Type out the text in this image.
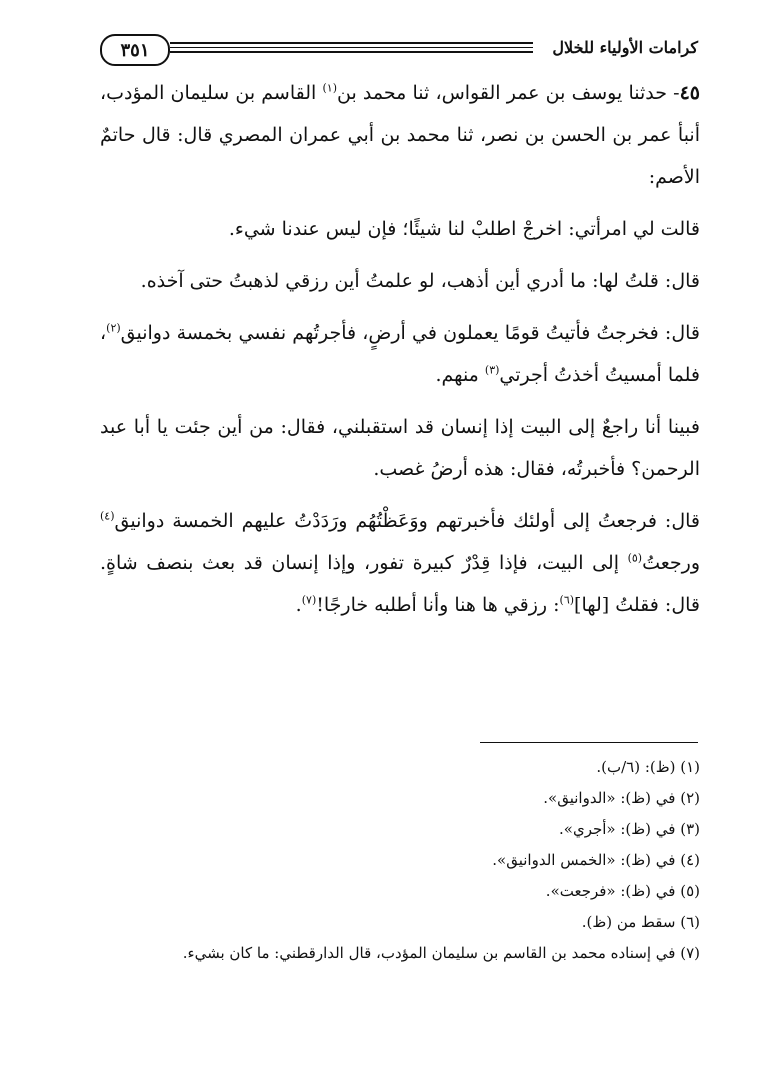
٣٥١	كرامات الأولياء للخلال

٤٥- حدثنا يوسف بن عمر القواس، ثنا محمد بن$^{(١)}$ القاسم بن سليمان المؤدب، أنبأ عمر بن الحسن بن نصر، ثنا محمد بن أبي عمران المصري قال: قال حاتمٌ الأصم:

قالت لي امرأتي: اخرجْ اطلبْ لنا شيئًا؛ فإن ليس عندنا شيء.

قال: قلتُ لها: ما أدري أين أذهب، لو علمتُ أين رزقي لذهبتُ حتى آخذه.

قال: فخرجتُ فأتيتُ قومًا يعملون في أرضٍ، فأجرتُهم نفسي بخمسة دوانيق$^{(٢)}$، فلما أمسيتُ أخذتُ أجرتي$^{(٣)}$ منهم.

فبينا أنا راجعٌ إلى البيت إذا إنسان قد استقبلني، فقال: من أين جئت يا أبا عبد الرحمن؟ فأخبرتُه، فقال: هذه أرضُ غصب.

قال: فرجعتُ إلى أولئك فأخبرتهم ووَعَظْتُهُم ورَدَدْتُ عليهم الخمسة دوانيق$^{(٤)}$ ورجعتُ$^{(٥)}$ إلى البيت، فإذا قِدْرٌ كبيرة تفور، وإذا إنسان قد بعث بنصف شاةٍ. قال: فقلتُ [لها]$^{(٦)}$: رزقي ها هنا وأنا أطلبه خارجًا!$^{(٧)}$.

(١) (ظ): (٦/ب).

(٢) في (ظ): «الدوانيق».

(٣) في (ظ): «أجري».

(٤) في (ظ): «الخمس الدوانيق».

(٥) في (ظ): «فرجعت».

(٦) سقط من (ظ).

(٧) في إسناده محمد بن القاسم بن سليمان المؤدب، قال الدارقطني: ما كان بشيء.
